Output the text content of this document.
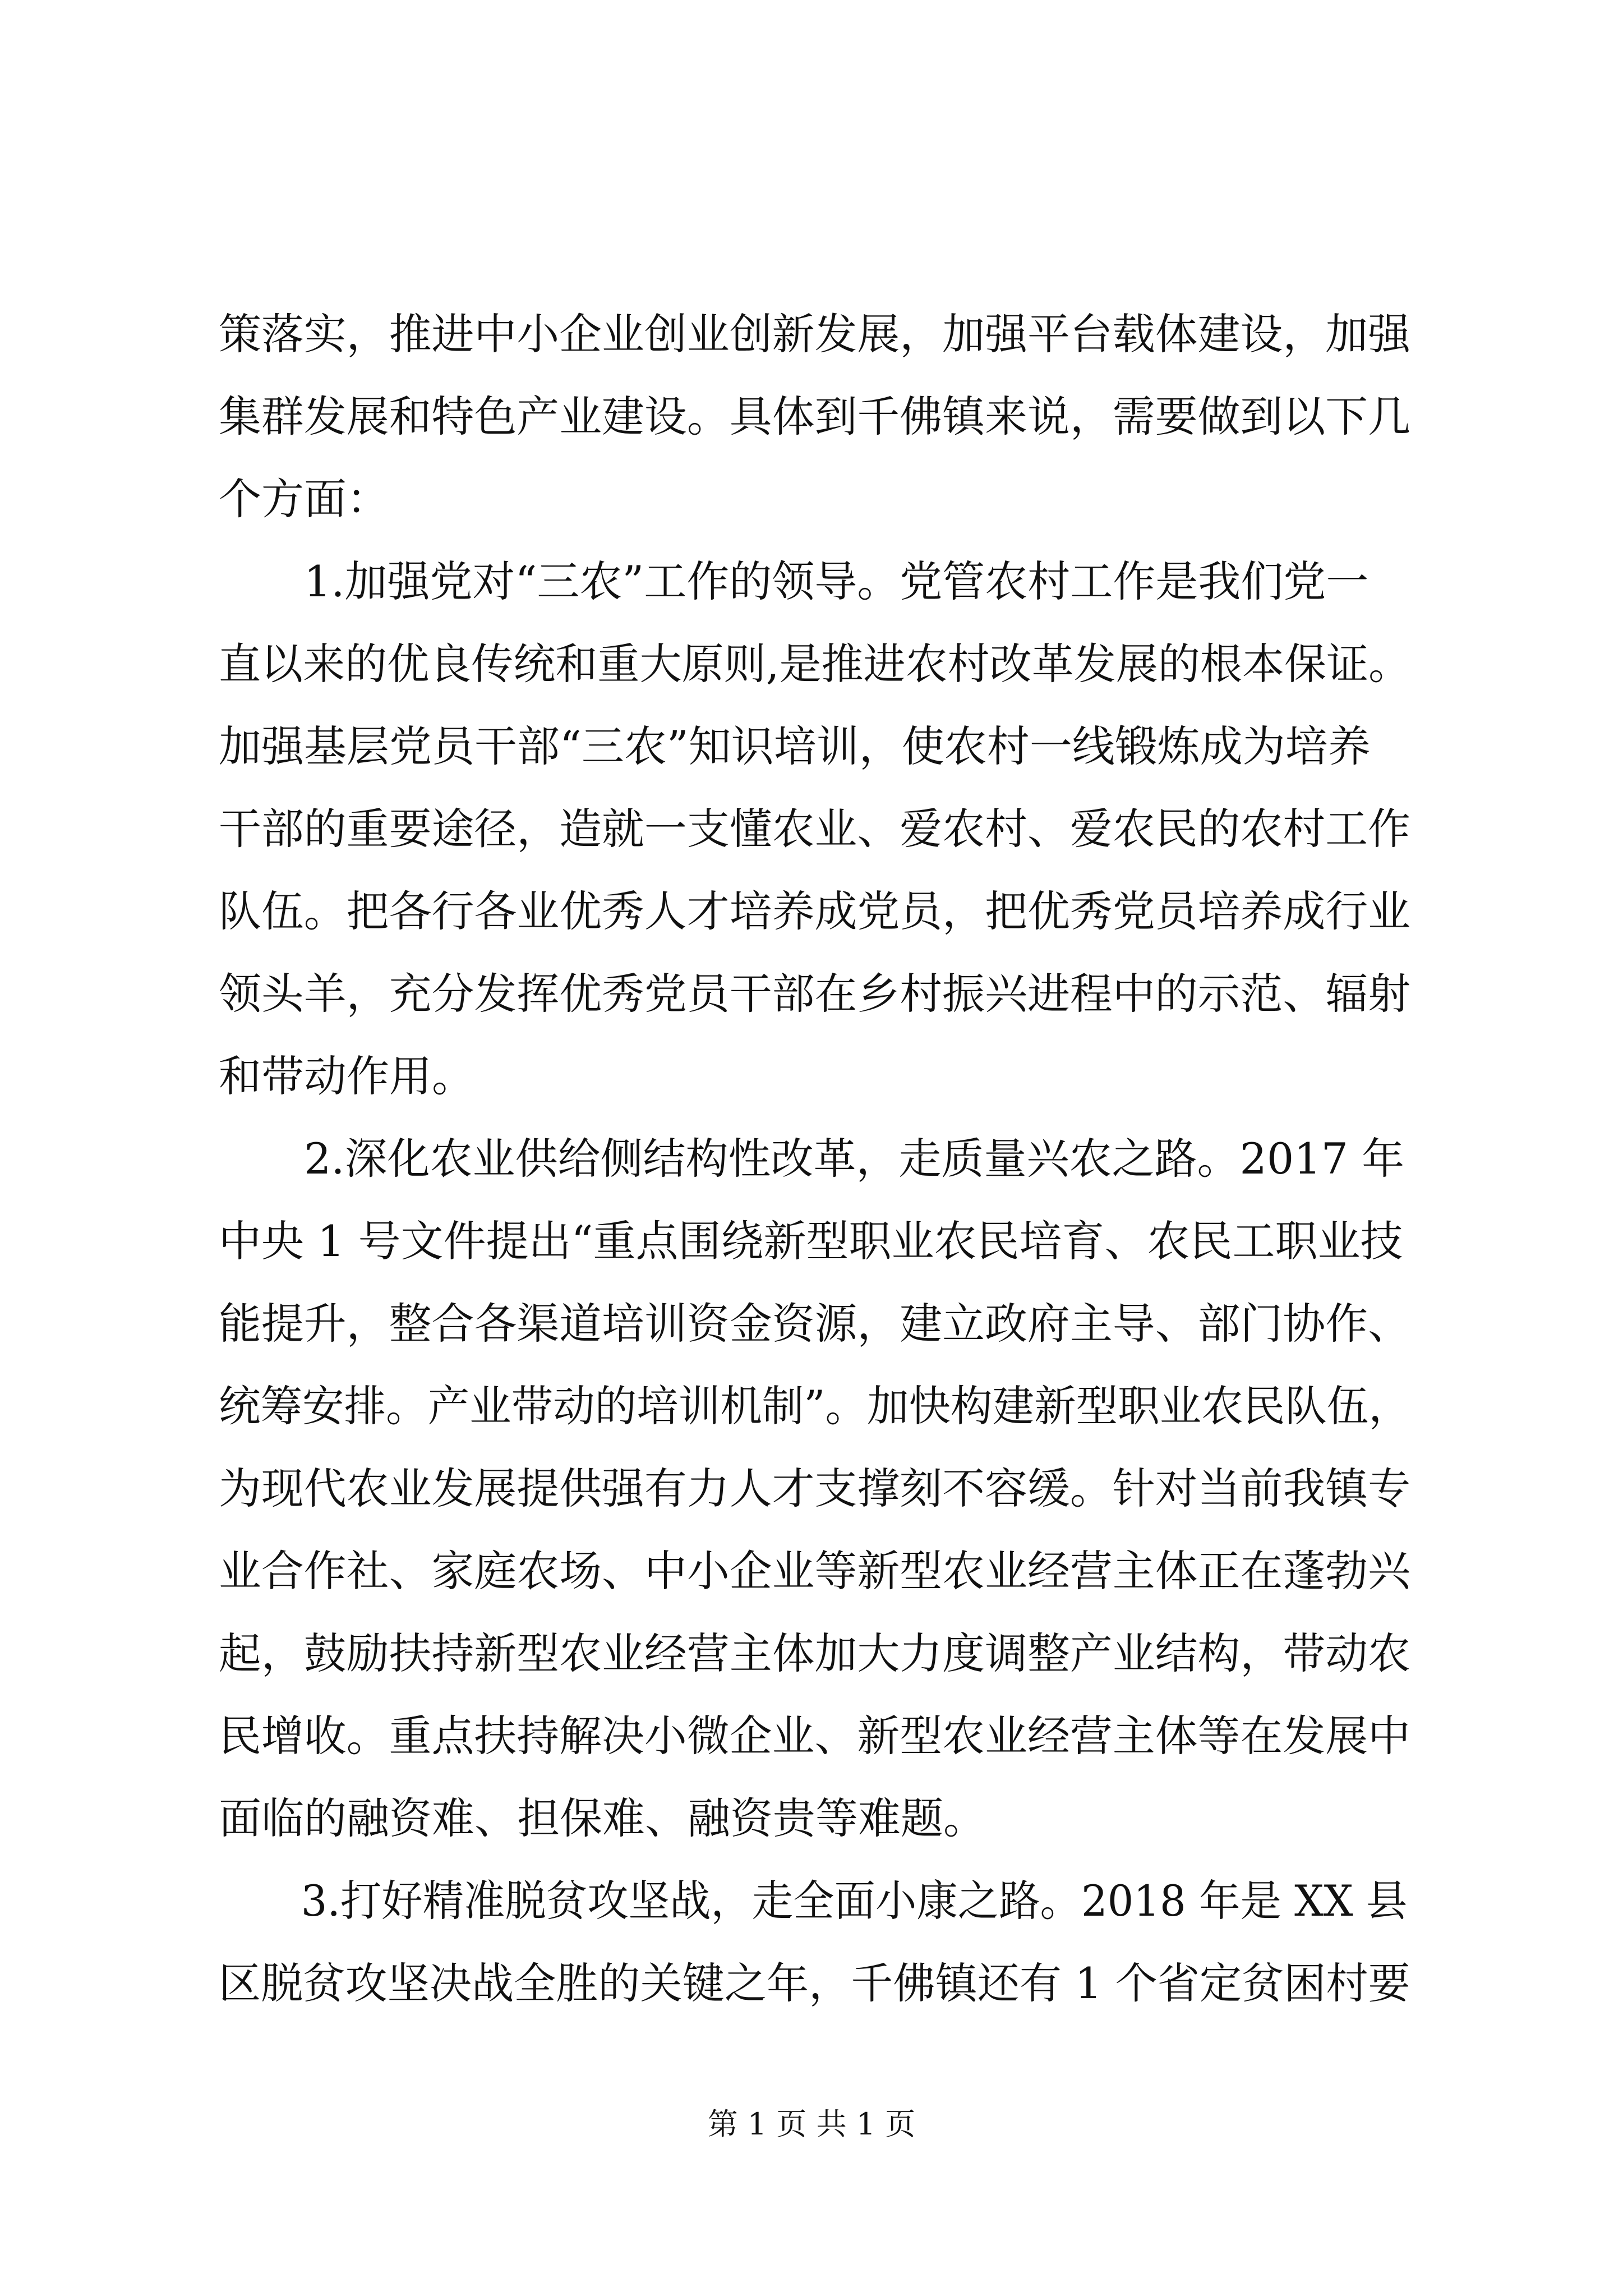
策落实，推进中小企业创业创新发展，加强平台载体建设，加强
集群发展和特色产业建设。具体到千佛镇来说，需要做到以下几
个方面：
1.加强党对“三农”工作的领导。党管农村工作是我们党一
直以来的优良传统和重大原则,是推进农村改革发展的根本保证。
加强基层党员干部“三农”知识培训，使农村一线锻炼成为培养
干部的重要途径，造就一支懂农业、爱农村、爱农民的农村工作
队伍。把各行各业优秀人才培养成党员，把优秀党员培养成行业
领头羊，充分发挥优秀党员干部在乡村振兴进程中的示范、辐射
和带动作用。
2.深化农业供给侧结构性改革，走质量兴农之路。2017 年
中央 1 号文件提出“重点围绕新型职业农民培育、农民工职业技
能提升，整合各渠道培训资金资源，建立政府主导、部门协作、
统筹安排。产业带动的培训机制”。加快构建新型职业农民队伍，
为现代农业发展提供强有力人才支撑刻不容缓。针对当前我镇专
业合作社、家庭农场、中小企业等新型农业经营主体正在蓬勃兴
起，鼓励扶持新型农业经营主体加大力度调整产业结构，带动农
民增收。重点扶持解决小微企业、新型农业经营主体等在发展中
面临的融资难、担保难、融资贵等难题。
3.打好精准脱贫攻坚战，走全面小康之路。2018 年是 XX 县
区脱贫攻坚决战全胜的关键之年，千佛镇还有 1 个省定贫困村要
第 1 页 共 1 页
